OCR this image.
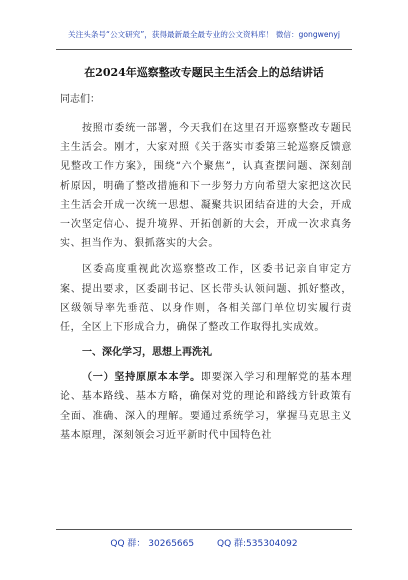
关注头条号“公文研究”，获得最新最全最专业的公文资料库！ 微信：gongwenyj
在2024年巡察整改专题民主生活会上的总结讲话

同志们：

按照市委统一部署，今天我们在这里召开巡察整改专题民主生活会。刚才，大家对照《关于落实市委第三轮巡察反馈意见整改工作方案》，围绕“六个聚焦”，认真查摆问题、深刻剖析原因，明确了整改措施和下一步努力方向希望大家把这次民主生活会开成一次统一思想、凝聚共识团结奋进的大会，开成一次坚定信心、提升境界、开拓创新的大会，开成一次求真务实、担当作为、狠抓落实的大会。

区委高度重视此次巡察整改工作，区委书记亲自审定方案、提出要求，区委副书记、区长带头认领问题、抓好整改，区级领导率先垂范、以身作则，各相关部门单位切实履行责任，全区上下形成合力，确保了整改工作取得扎实成效。

一、深化学习，思想上再洗礼

（一）坚持原原本本学。即要深入学习和理解党的基本理论、基本路线、基本方略，确保对党的理论和路线方针政策有全面、准确、深入的理解。要通过系统学习，掌握马克思主义基本原理，深刻领会习近平新时代中国特色社

QQ 群： 30265665	QQ 群:535304092
